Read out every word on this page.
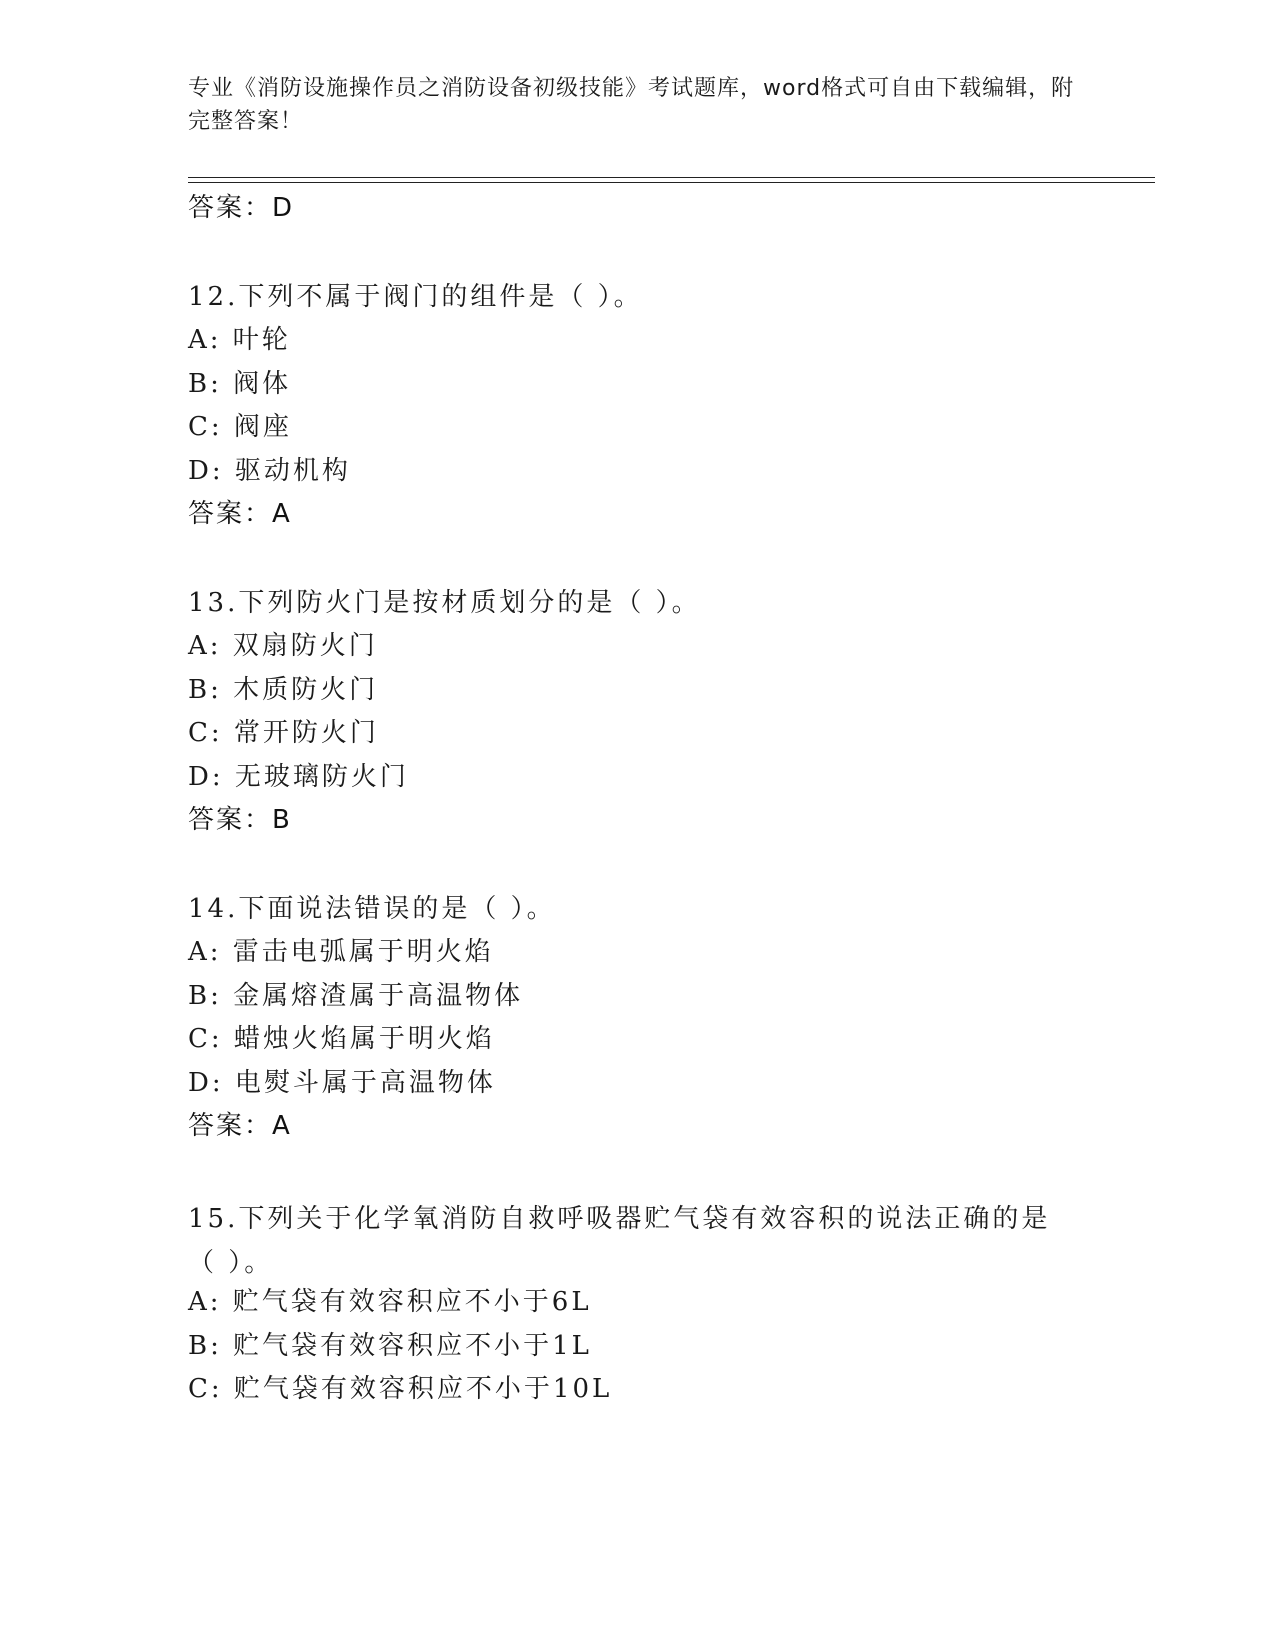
专业《消防设施操作员之消防设备初级技能》考试题库，word格式可自由下载编辑，附完整答案！
答案：D
12.下列不属于阀门的组件是（ ）。
A: 叶轮
B: 阀体
C: 阀座
D: 驱动机构
答案：A
13.下列防火门是按材质划分的是（ ）。
A: 双扇防火门
B: 木质防火门
C: 常开防火门
D: 无玻璃防火门
答案：B
14.下面说法错误的是（ ）。
A: 雷击电弧属于明火焰
B: 金属熔渣属于高温物体
C: 蜡烛火焰属于明火焰
D: 电熨斗属于高温物体
答案：A
15.下列关于化学氧消防自救呼吸器贮气袋有效容积的说法正确的是（ ）。
A: 贮气袋有效容积应不小于6L
B: 贮气袋有效容积应不小于1L
C: 贮气袋有效容积应不小于10L
